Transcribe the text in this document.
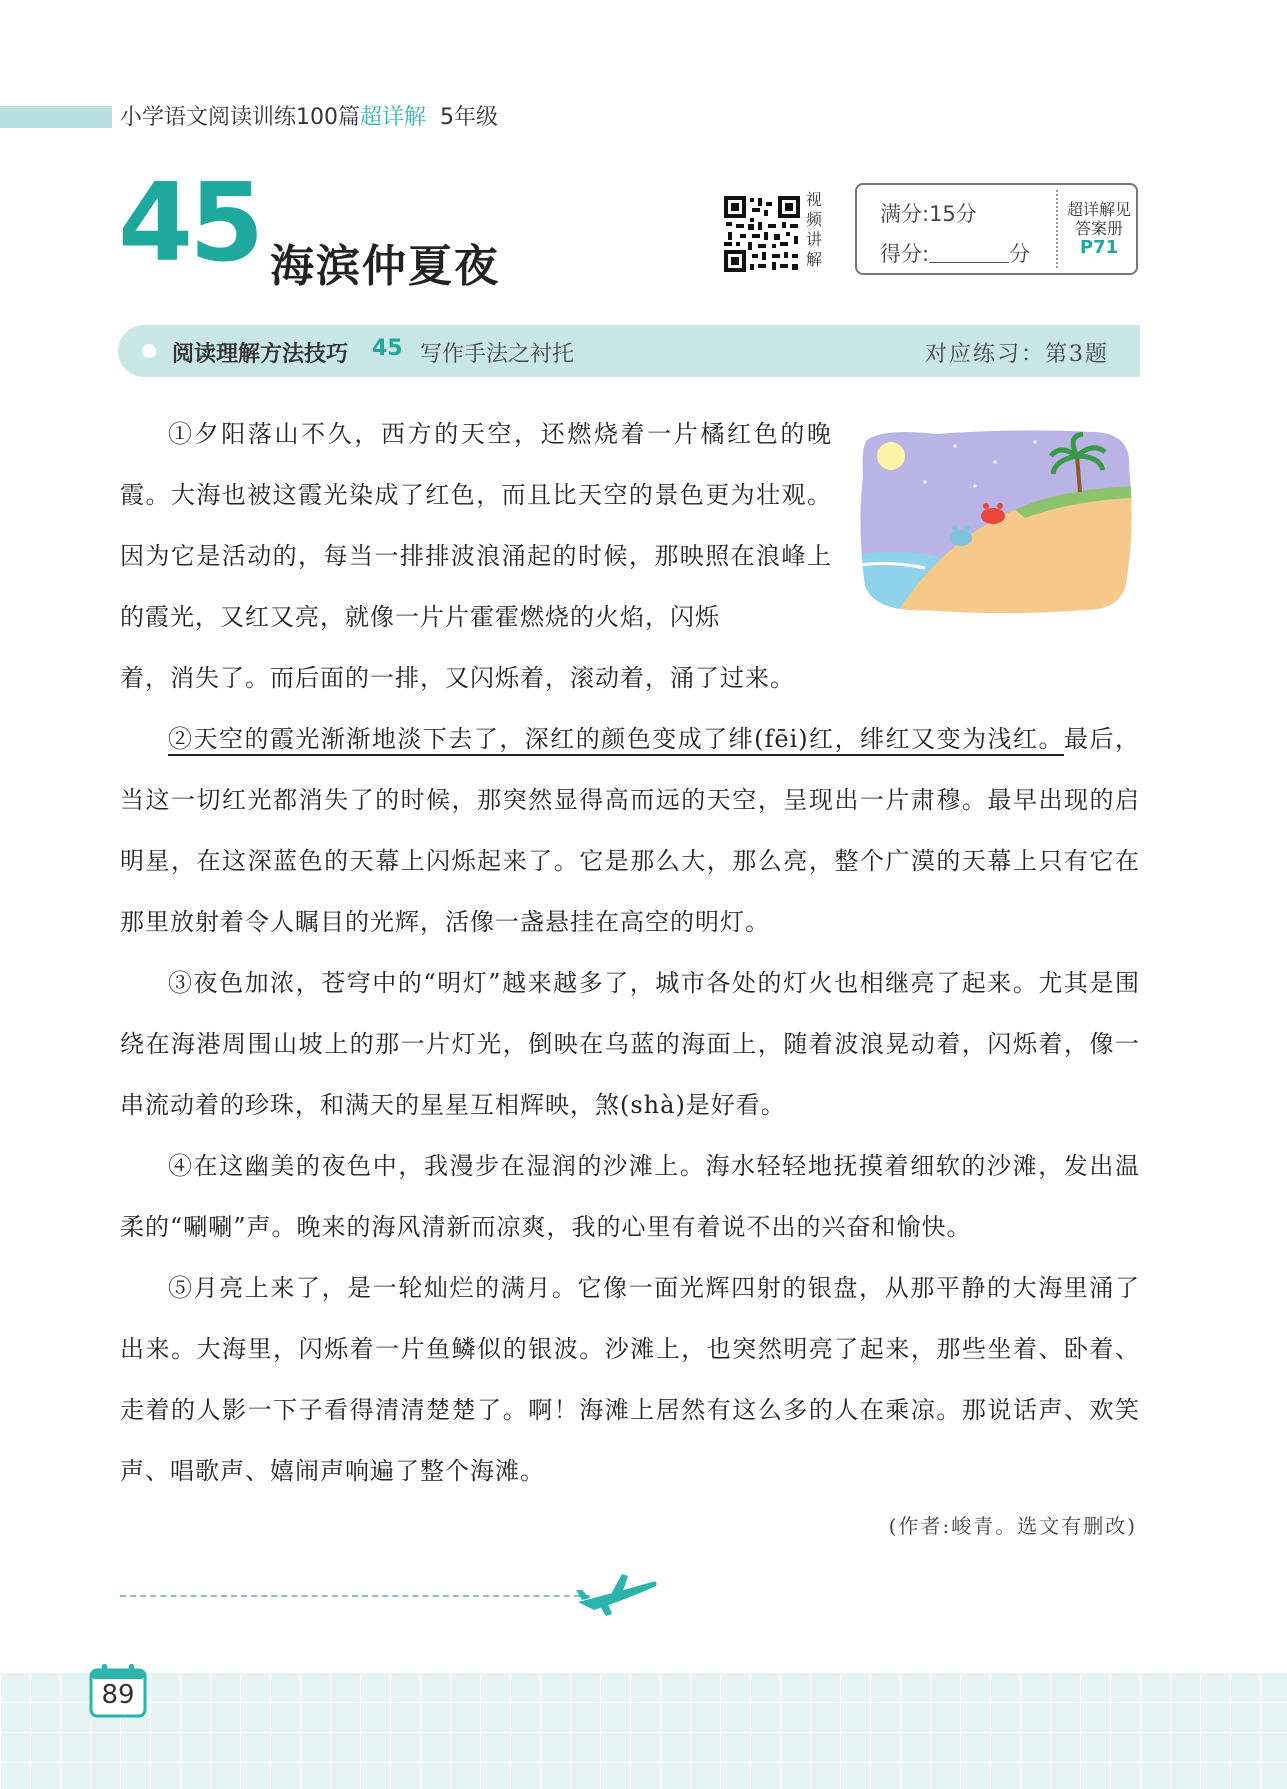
小学语文阅读训练100篇超详解 5年级
45 海滨仲夏夜
视频讲解
满分:15分
得分:	分
超详解见答案册
P71
阅读理解方法技巧 45 写作手法之衬托	对应练习：第3题
①夕阳落山不久，西方的天空，还燃烧着一片橘红色的晚霞。大海也被这霞光染成了红色，而且比天空的景色更为壮观。因为它是活动的，每当一排排波浪涌起的时候，那映照在浪峰上的霞光，又红又亮，就像一片片霍霍燃烧的火焰，闪烁
着，消失了。而后面的一排，又闪烁着，滚动着，涌了过来。
②天空的霞光渐渐地淡下去了，深红的颜色变成了绯(fēi)红，绯红又变为浅红。最后，当这一切红光都消失了的时候，那突然显得高而远的天空，呈现出一片肃穆。最早出现的启明星，在这深蓝色的天幕上闪烁起来了。它是那么大，那么亮，整个广漠的天幕上只有它在那里放射着令人瞩目的光辉，活像一盏悬挂在高空的明灯。
③夜色加浓，苍穹中的“明灯”越来越多了，城市各处的灯火也相继亮了起来。尤其是围绕在海港周围山坡上的那一片灯光，倒映在乌蓝的海面上，随着波浪晃动着，闪烁着，像一串流动着的珍珠，和满天的星星互相辉映，煞(shà)是好看。
④在这幽美的夜色中，我漫步在湿润的沙滩上。海水轻轻地抚摸着细软的沙滩，发出温柔的“唰唰”声。晚来的海风清新而凉爽，我的心里有着说不出的兴奋和愉快。
⑤月亮上来了，是一轮灿烂的满月。它像一面光辉四射的银盘，从那平静的大海里涌了出来。大海里，闪烁着一片鱼鳞似的银波。沙滩上，也突然明亮了起来，那些坐着、卧着、走着的人影一下子看得清清楚楚了。啊！海滩上居然有这么多的人在乘凉。那说话声、欢笑声、唱歌声、嬉闹声响遍了整个海滩。
(作者:峻青。选文有删改)
89
